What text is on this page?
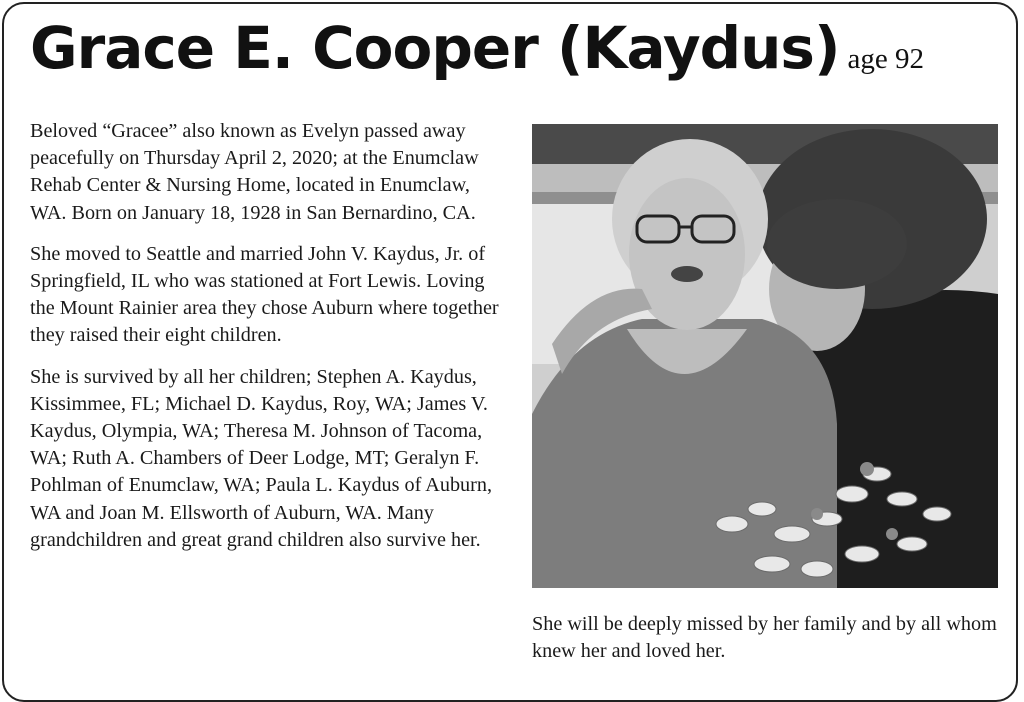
Grace E. Cooper (Kaydus) age 92

Beloved “Gracee” also known as Evelyn passed away peacefully on Thursday April 2, 2020; at the Enumclaw Rehab Center & Nursing Home, located in Enumclaw, WA. Born on January 18, 1928 in San Bernardino, CA.

She moved to Seattle and married John V. Kaydus, Jr. of Springfield, IL who was stationed at Fort Lewis. Loving the Mount Rainier area they chose Auburn where together they raised their eight children.

She is survived by all her children; Stephen A. Kaydus, Kissimmee, FL; Michael D. Kaydus, Roy, WA; James V. Kaydus, Olympia, WA; Theresa M. Johnson of Tacoma, WA; Ruth A. Chambers of Deer Lodge, MT; Geralyn F. Pohlman of Enumclaw, WA; Paula L. Kaydus of Auburn, WA and Joan M. Ellsworth of Auburn, WA. Many grandchildren and great grand children also survive her.

She will be deeply missed by her family and by all whom knew her and loved her.
